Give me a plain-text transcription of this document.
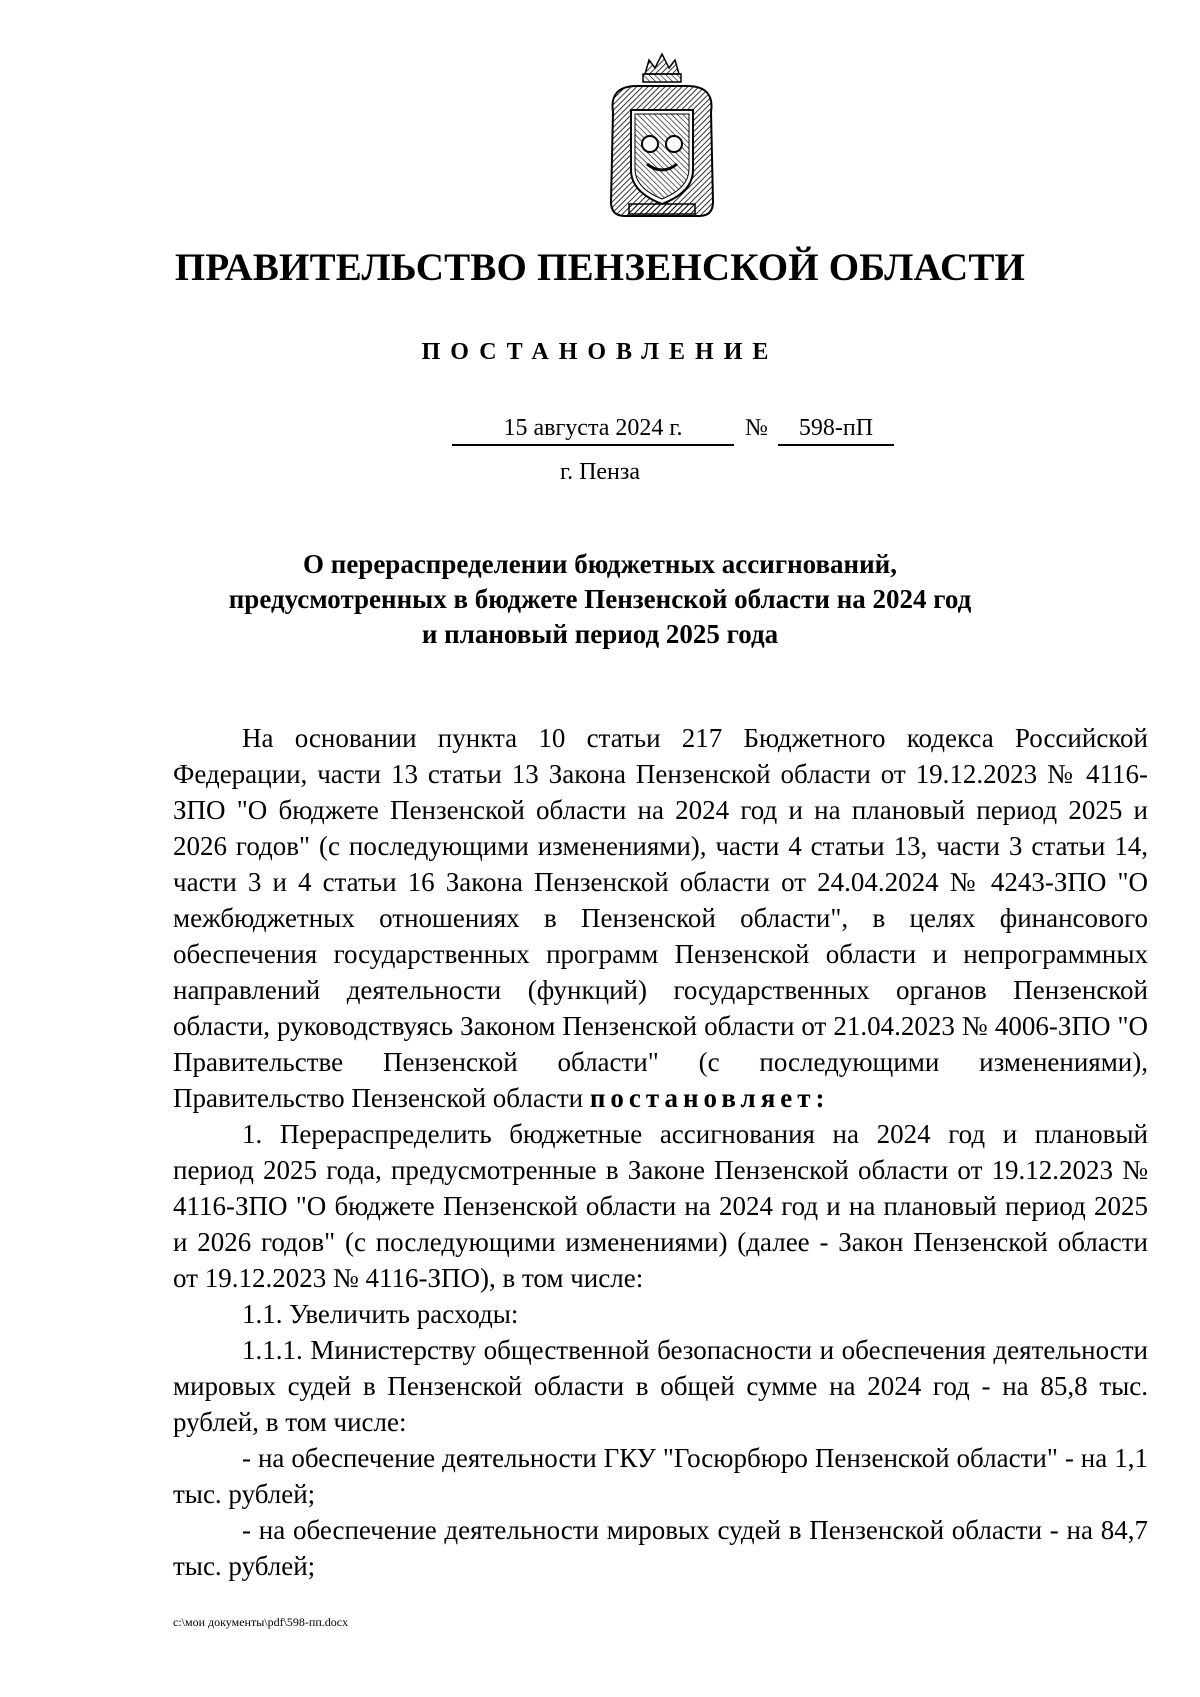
ПРАВИТЕЛЬСТВО ПЕНЗЕНСКОЙ ОБЛАСТИ
ПОСТАНОВЛЕНИЕ
15 августа 2024 г.	№	598-пП
г. Пенза
О перераспределении бюджетных ассигнований,
предусмотренных в бюджете Пензенской области на 2024 год
и плановый период 2025 года

На основании пункта 10 статьи 217 Бюджетного кодекса Российской Федерации, части 13 статьи 13 Закона Пензенской области от 19.12.2023 № 4116-ЗПО "О бюджете Пензенской области на 2024 год и на плановый период 2025 и 2026 годов" (с последующими изменениями), части 4 статьи 13, части 3 статьи 14, части 3 и 4 статьи 16 Закона Пензенской области от 24.04.2024 № 4243-ЗПО "О межбюджетных отношениях в Пензенской области", в целях финансового обеспечения государственных программ Пензенской области и непрограммных направлений деятельности (функций) государственных органов Пензенской области, руководствуясь Законом Пензенской области от 21.04.2023 № 4006-ЗПО "О Правительстве Пензенской области" (с последующими изменениями), Правительство Пензенской области постановляет:

1. Перераспределить бюджетные ассигнования на 2024 год и плановый период 2025 года, предусмотренные в Законе Пензенской области от 19.12.2023 № 4116-ЗПО "О бюджете Пензенской области на 2024 год и на плановый период 2025 и 2026 годов" (с последующими изменениями) (далее - Закон Пензенской области от 19.12.2023 № 4116-ЗПО), в том числе:

1.1. Увеличить расходы:

1.1.1. Министерству общественной безопасности и обеспечения деятельности мировых судей в Пензенской области в общей сумме на 2024 год - на 85,8 тыс. рублей, в том числе:

- на обеспечение деятельности ГКУ "Госюрбюро Пензенской области" - на 1,1 тыс. рублей;

- на обеспечение деятельности мировых судей в Пензенской области - на 84,7 тыс. рублей;

c:\мои документы\pdf\598-пп.docx
